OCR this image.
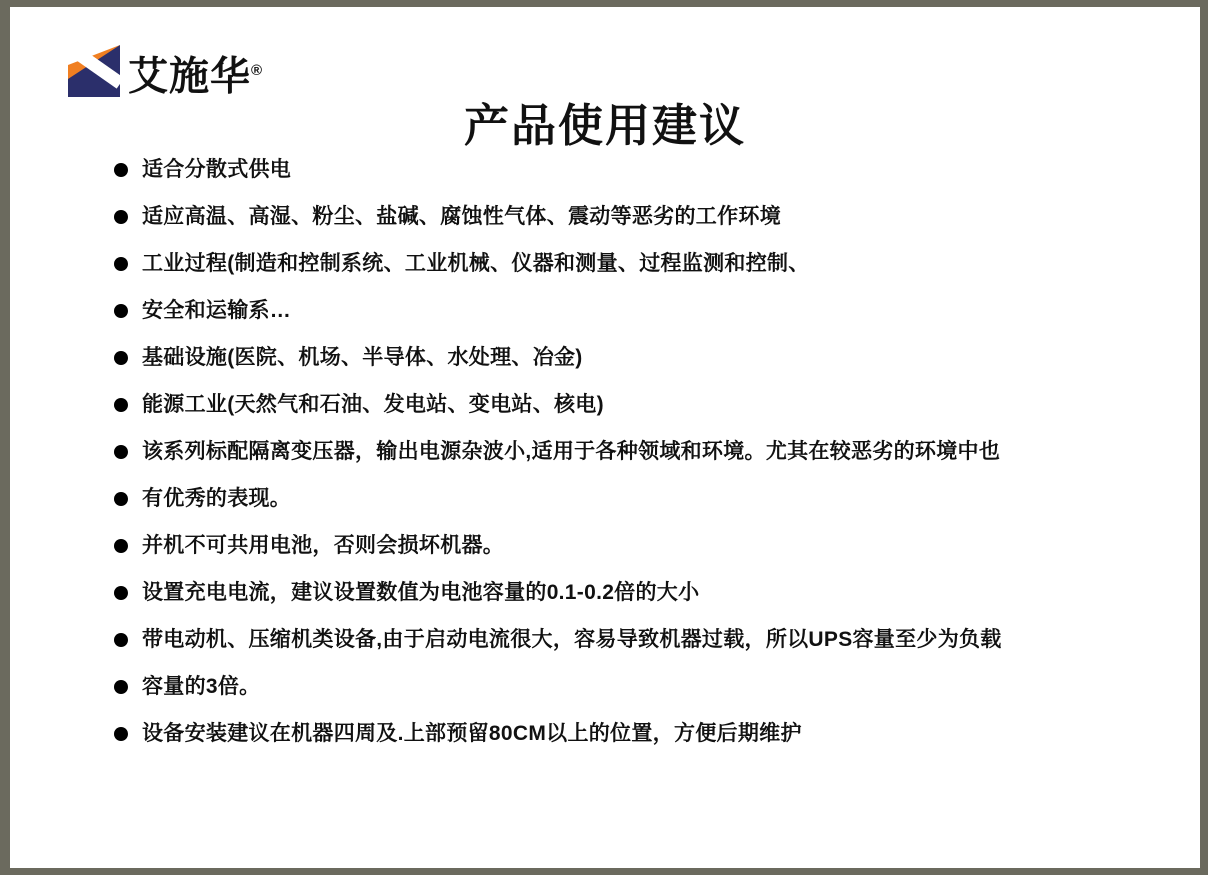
艾施华®
产品使用建议
适合分散式供电
适应高温、高湿、粉尘、盐碱、腐蚀性气体、震动等恶劣的工作环境
工业过程(制造和控制系统、工业机械、仪器和测量、过程监测和控制、
安全和运输系…
基础设施(医院、机场、半导体、水处理、冶金)
能源工业(天然气和石油、发电站、变电站、核电)
该系列标配隔离变压器，输出电源杂波小,适用于各种领域和环境。尤其在较恶劣的环境中也
有优秀的表现。
并机不可共用电池，否则会损坏机器。
设置充电电流，建议设置数值为电池容量的0.1-0.2倍的大小
带电动机、压缩机类设备,由于启动电流很大，容易导致机器过载，所以UPS容量至少为负载
容量的3倍。
设备安装建议在机器四周及.上部预留80CM以上的位置，方便后期维护
